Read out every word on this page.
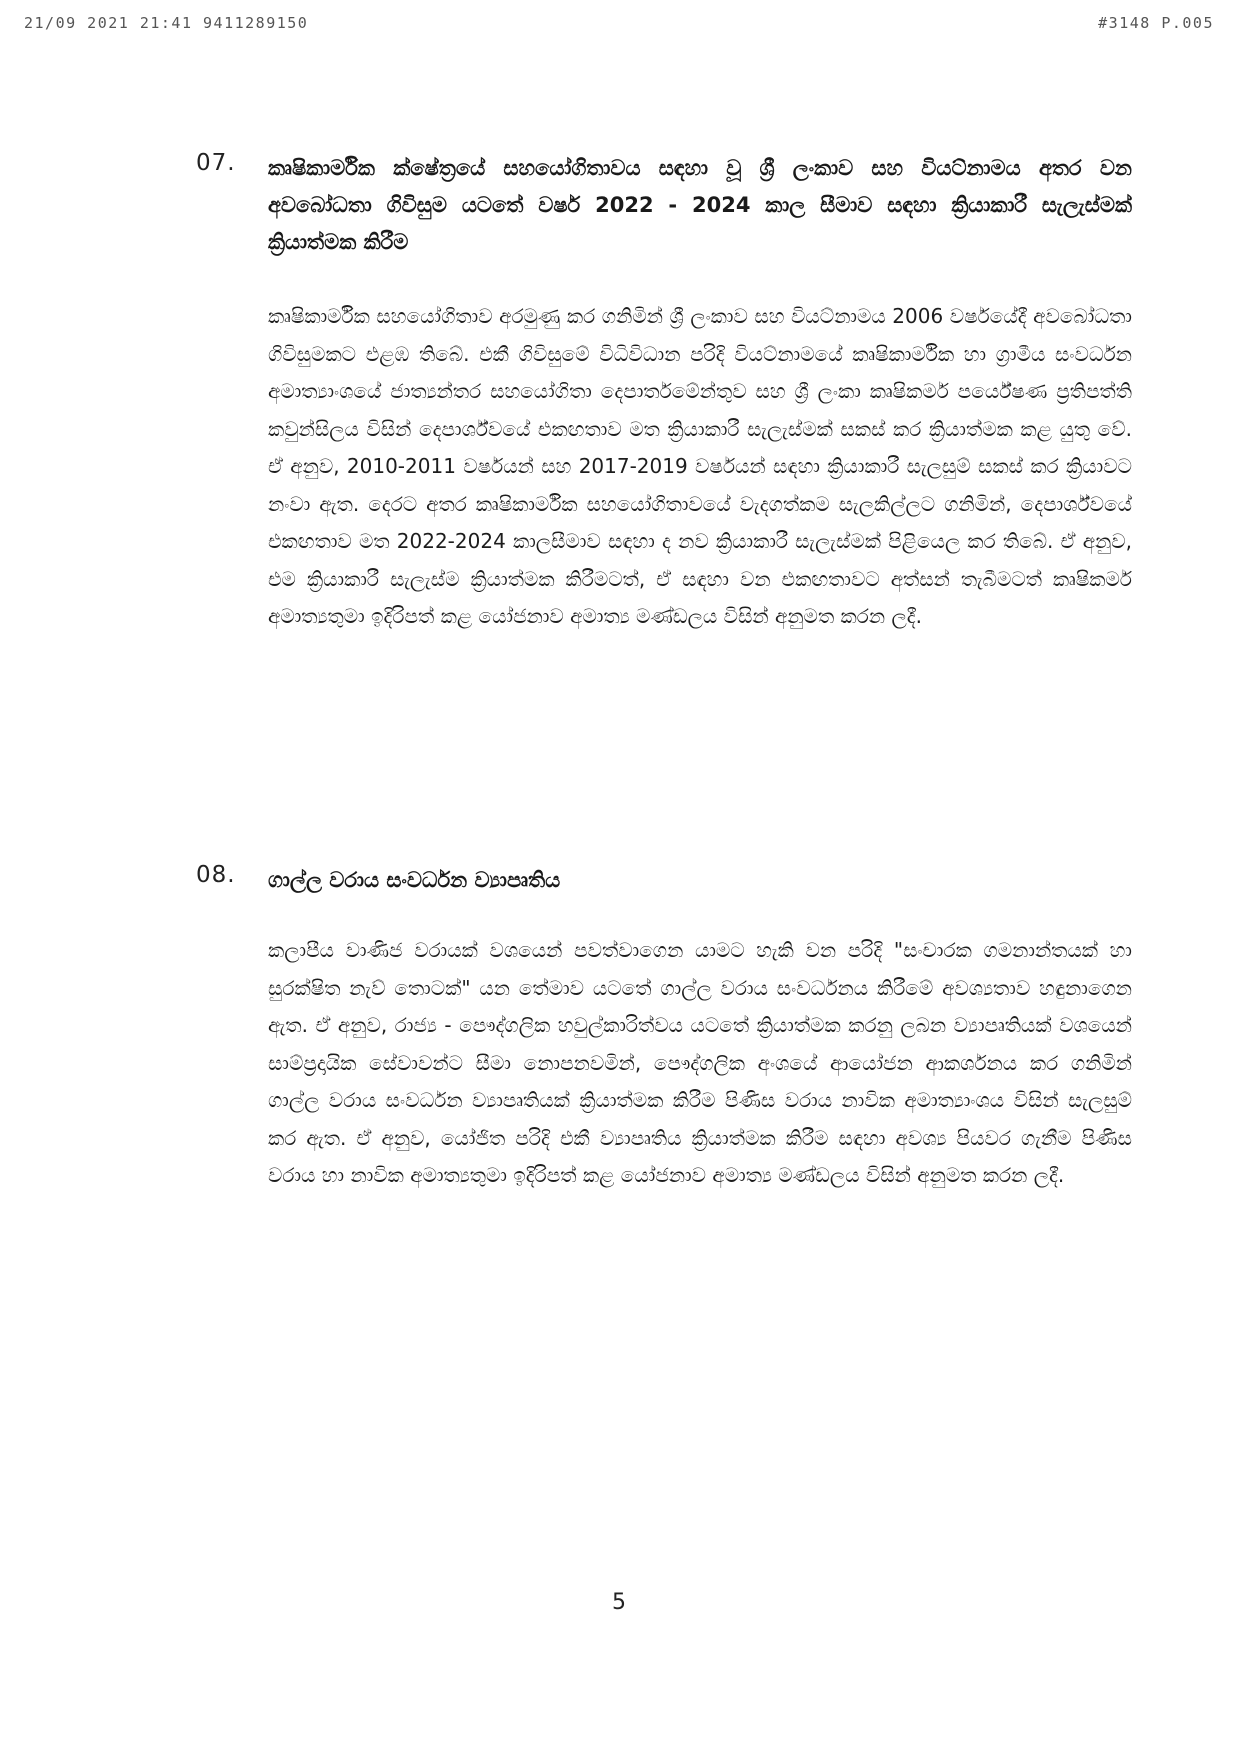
21/09 2021 21:41 9411289150	#3148 P.005
07. කෘෂිකාර්මික ක්ෂේත්‍රයේ සහයෝගිතාවය සඳහා වූ ශ්‍රී ලංකාව සහ වියට්නාමය අතර වන අවබෝධතා ගිවිසුම යටතේ වර්ෂ 2022 - 2024 කාල සීමාව සඳහා ක්‍රියාකාරී සැලැස්මක් ක්‍රියාත්මක කිරීම
කෘෂිකාර්මික සහයෝගිතාව අරමුණු කර ගනිමින් ශ්‍රී ලංකාව සහ වියට්නාමය 2006 වර්ෂයේදී අවබෝධතා ගිවිසුමකට එළඹ තිබේ. එකී ගිවිසුමේ විධිවිධාන පරිදි වියට්නාමයේ කෘෂිකාර්මික හා ග්‍රාමීය සංවර්ධන අමාත්‍යාංශයේ ජාත්‍යන්තර සහයෝගිතා දෙපාර්තමේන්තුව සහ ශ්‍රී ලංකා කෘෂිකර්ම පර්යේෂණ ප්‍රතිපත්ති කවුන්සිලය විසින් දෙපාර්ශ්වයේ එකඟතාව මත ක්‍රියාකාරී සැලැස්මක් සකස් කර ක්‍රියාත්මක කළ යුතු වේ. ඒ අනුව, 2010-2011 වර්ෂයන් සහ 2017-2019 වර්ෂයන් සඳහා ක්‍රියාකාරී සැලසුම් සකස් කර ක්‍රියාවට නංවා ඇත. දෙරට අතර කෘෂිකාර්මික සහයෝගිතාවයේ වැදගත්කම සැලකිල්ලට ගනිමින්, දෙපාර්ශ්වයේ එකඟතාව මත 2022-2024 කාලසීමාව සඳහා ද නව ක්‍රියාකාරී සැලැස්මක් පිළියෙල කර තිබේ. ඒ අනුව, එම ක්‍රියාකාරී සැලැස්ම ක්‍රියාත්මක කිරීමටත්, ඒ සඳහා වන එකඟතාවට අත්සන් තැබීමටත් කෘෂිකර්ම අමාත්‍යතුමා ඉදිරිපත් කළ යෝජනාව අමාත්‍ය මණ්ඩලය විසින් අනුමත කරන ලදී.
08. ගාල්ල වරාය සංවර්ධන ව්‍යාපෘතිය
කලාපීය වාණිජ වරායක් වශයෙන් පවත්වාගෙන යාමට හැකි වන පරිදි "සංචාරක ගමනාන්තයක් හා සුරක්ෂිත නැව් තොටක්" යන තේමාව යටතේ ගාල්ල වරාය සංවර්ධනය කිරීමේ අවශ්‍යතාව හඳුනාගෙන ඇත. ඒ අනුව, රාජ්‍ය - පෞද්ගලික හවුල්කාරිත්වය යටතේ ක්‍රියාත්මක කරනු ලබන ව්‍යාපෘතියක් වශයෙන් සාම්ප්‍රදායික සේවාවන්ට සීමා නොපනවමින්, පෞද්ගලික අංශයේ ආයෝජන ආකර්ශනය කර ගනිමින් ගාල්ල වරාය සංවර්ධන ව්‍යාපෘතියක් ක්‍රියාත්මක කිරීම පිණිස වරාය නාවික අමාත්‍යාංශය විසින් සැලසුම් කර ඇත. ඒ අනුව, යෝජිත පරිදි එකී ව්‍යාපෘතිය ක්‍රියාත්මක කිරීම සඳහා අවශ්‍ය පියවර ගැනීම පිණිස වරාය හා නාවික අමාත්‍යතුමා ඉදිරිපත් කළ යෝජනාව අමාත්‍ය මණ්ඩලය විසින් අනුමත කරන ලදී.
5
